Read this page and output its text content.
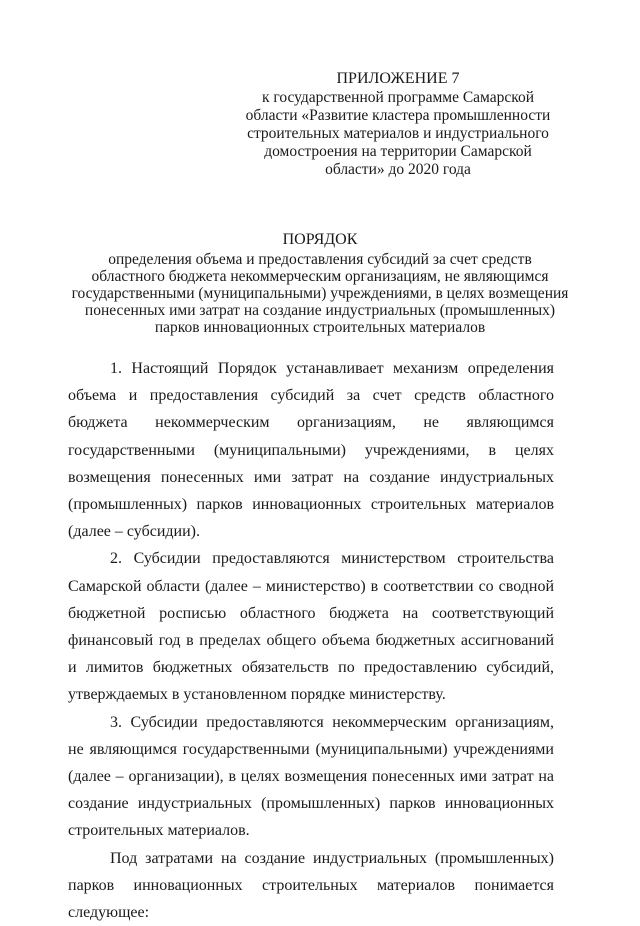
ПРИЛОЖЕНИЕ 7
к государственной программе Самарской
области «Развитие кластера промышленности
строительных материалов и индустриального
домостроения на территории Самарской
области» до 2020 года
ПОРЯДОК
определения объема и предоставления субсидий за счет средств
областного бюджета некоммерческим организациям, не являющимся
государственными (муниципальными) учреждениями, в целях возмещения
понесенных ими затрат на создание индустриальных (промышленных)
парков инновационных строительных материалов

1. Настоящий Порядок устанавливает механизм определения объема и предоставления субсидий за счет средств областного бюджета некоммерческим организациям, не являющимся государственными (муниципальными) учреждениями, в целях возмещения понесенных ими затрат на создание индустриальных (промышленных) парков инновационных строительных материалов (далее – субсидии).

2. Субсидии предоставляются министерством строительства Самарской области (далее – министерство) в соответствии со сводной бюджетной росписью областного бюджета на соответствующий финансовый год в пределах общего объема бюджетных ассигнований и лимитов бюджетных обязательств по предоставлению субсидий, утверждаемых в установленном порядке министерству.

3. Субсидии предоставляются некоммерческим организациям, не являющимся государственными (муниципальными) учреждениями (далее – организации), в целях возмещения понесенных ими затрат на создание индустриальных (промышленных) парков инновационных строительных материалов.

Под затратами на создание индустриальных (промышленных) парков инновационных строительных материалов понимается следующее:
